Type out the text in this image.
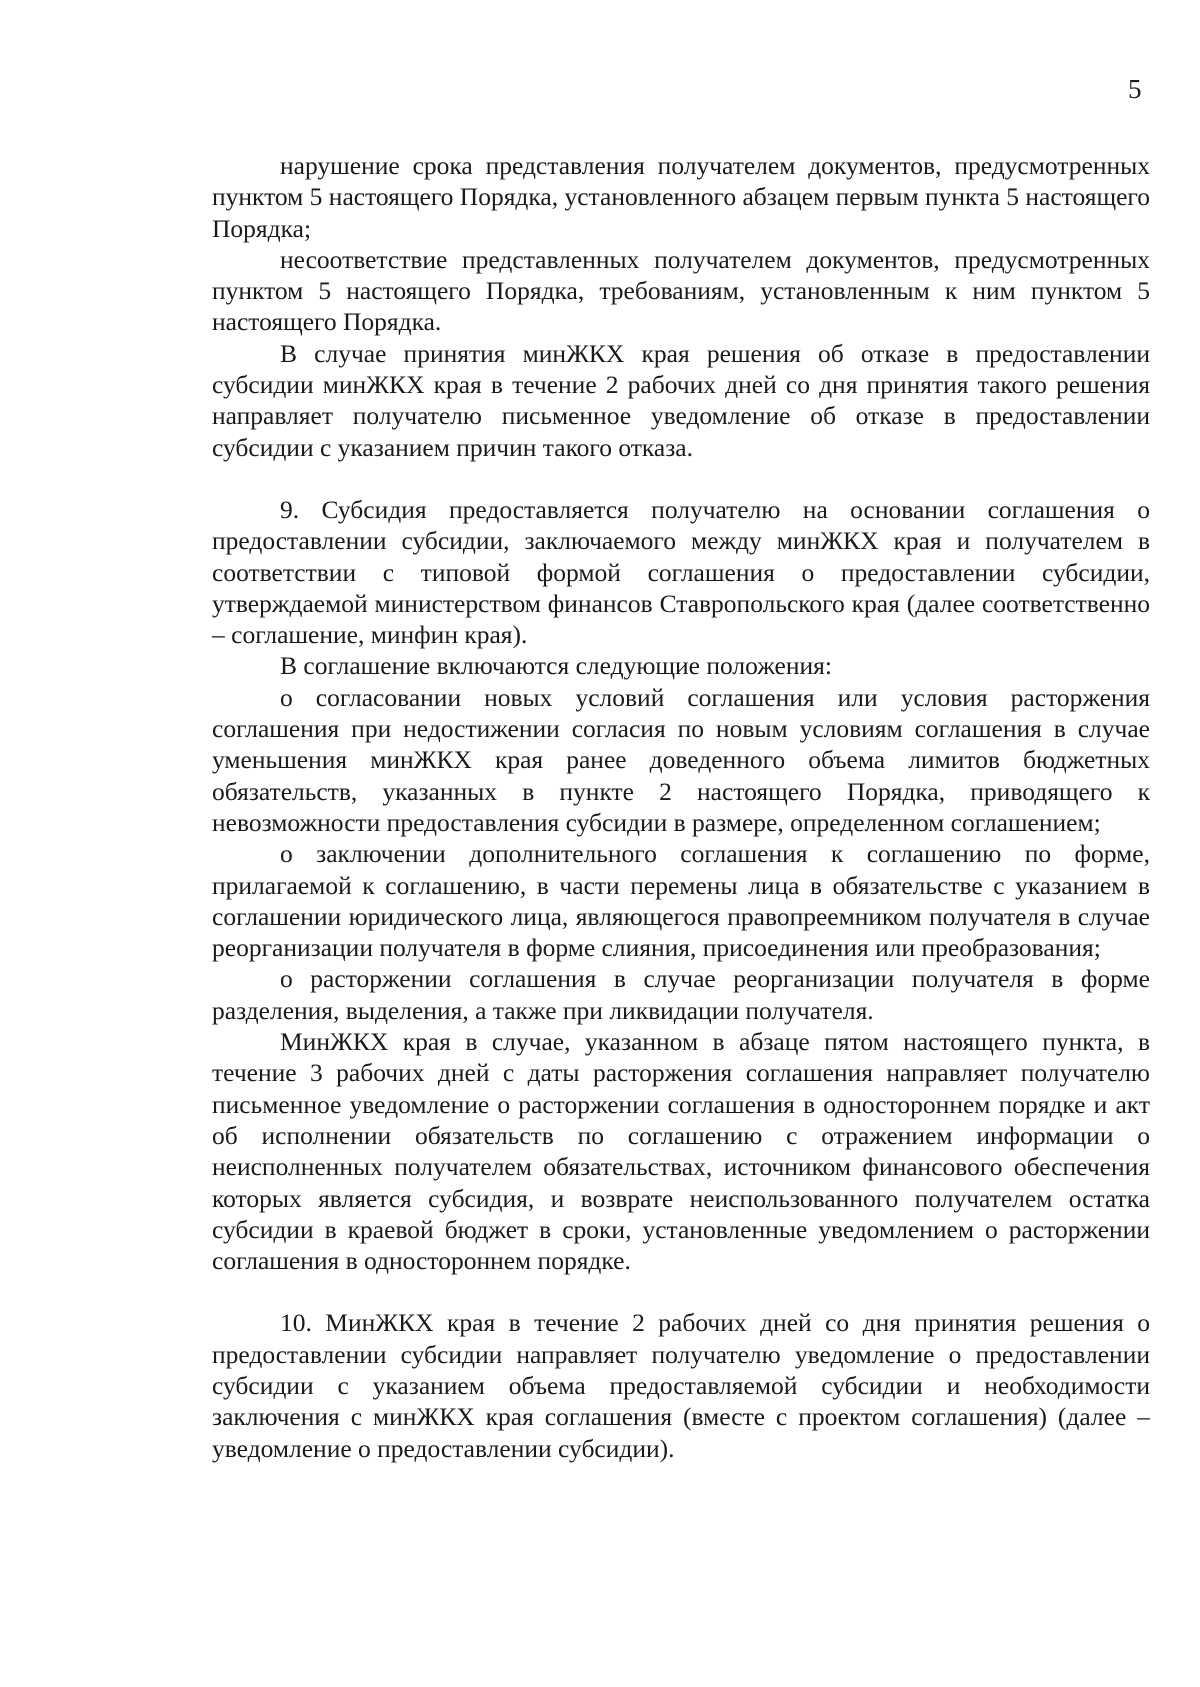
5

нарушение срока представления получателем документов, предусмотренных пунктом 5 настоящего Порядка, установленного абзацем первым пункта 5 настоящего Порядка;

несоответствие представленных получателем документов, предусмотренных пунктом 5 настоящего Порядка, требованиям, установленным к ним пунктом 5 настоящего Порядка.

В случае принятия минЖКХ края решения об отказе в предоставлении субсидии минЖКХ края в течение 2 рабочих дней со дня принятия такого решения направляет получателю письменное уведомление об отказе в предоставлении субсидии с указанием причин такого отказа.

9. Субсидия предоставляется получателю на основании соглашения о предоставлении субсидии, заключаемого между минЖКХ края и получателем в соответствии с типовой формой соглашения о предоставлении субсидии, утверждаемой министерством финансов Ставропольского края (далее соответственно – соглашение, минфин края).

В соглашение включаются следующие положения:

о согласовании новых условий соглашения или условия расторжения соглашения при недостижении согласия по новым условиям соглашения в случае уменьшения минЖКХ края ранее доведенного объема лимитов бюджетных обязательств, указанных в пункте 2 настоящего Порядка, приводящего к невозможности предоставления субсидии в размере, определенном соглашением;

о заключении дополнительного соглашения к соглашению по форме, прилагаемой к соглашению, в части перемены лица в обязательстве с указанием в соглашении юридического лица, являющегося правопреемником получателя в случае реорганизации получателя в форме слияния, присоединения или преобразования;

о расторжении соглашения в случае реорганизации получателя в форме разделения, выделения, а также при ликвидации получателя.

МинЖКХ края в случае, указанном в абзаце пятом настоящего пункта, в течение 3 рабочих дней с даты расторжения соглашения направляет получателю письменное уведомление о расторжении соглашения в одностороннем порядке и акт об исполнении обязательств по соглашению с отражением информации о неисполненных получателем обязательствах, источником финансового обеспечения которых является субсидия, и возврате неиспользованного получателем остатка субсидии в краевой бюджет в сроки, установленные уведомлением о расторжении соглашения в одностороннем порядке.

10. МинЖКХ края в течение 2 рабочих дней со дня принятия решения о предоставлении субсидии направляет получателю уведомление о предоставлении субсидии с указанием объема предоставляемой субсидии и необходимости заключения с минЖКХ края соглашения (вместе с проектом соглашения) (далее – уведомление о предоставлении субсидии).
